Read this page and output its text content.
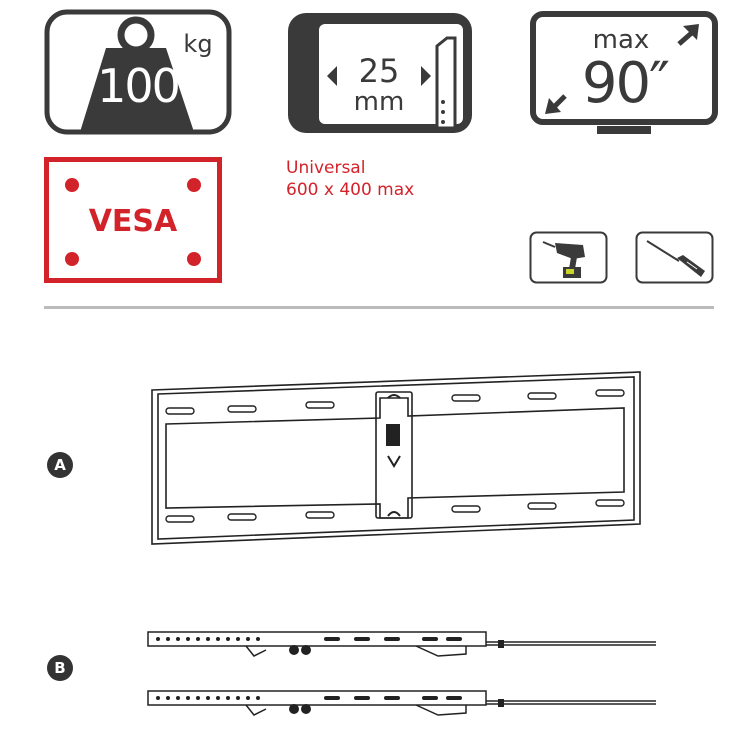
100
kg
25
mm
max
90″
VESA
Universal
600 x 400 max
A
B
